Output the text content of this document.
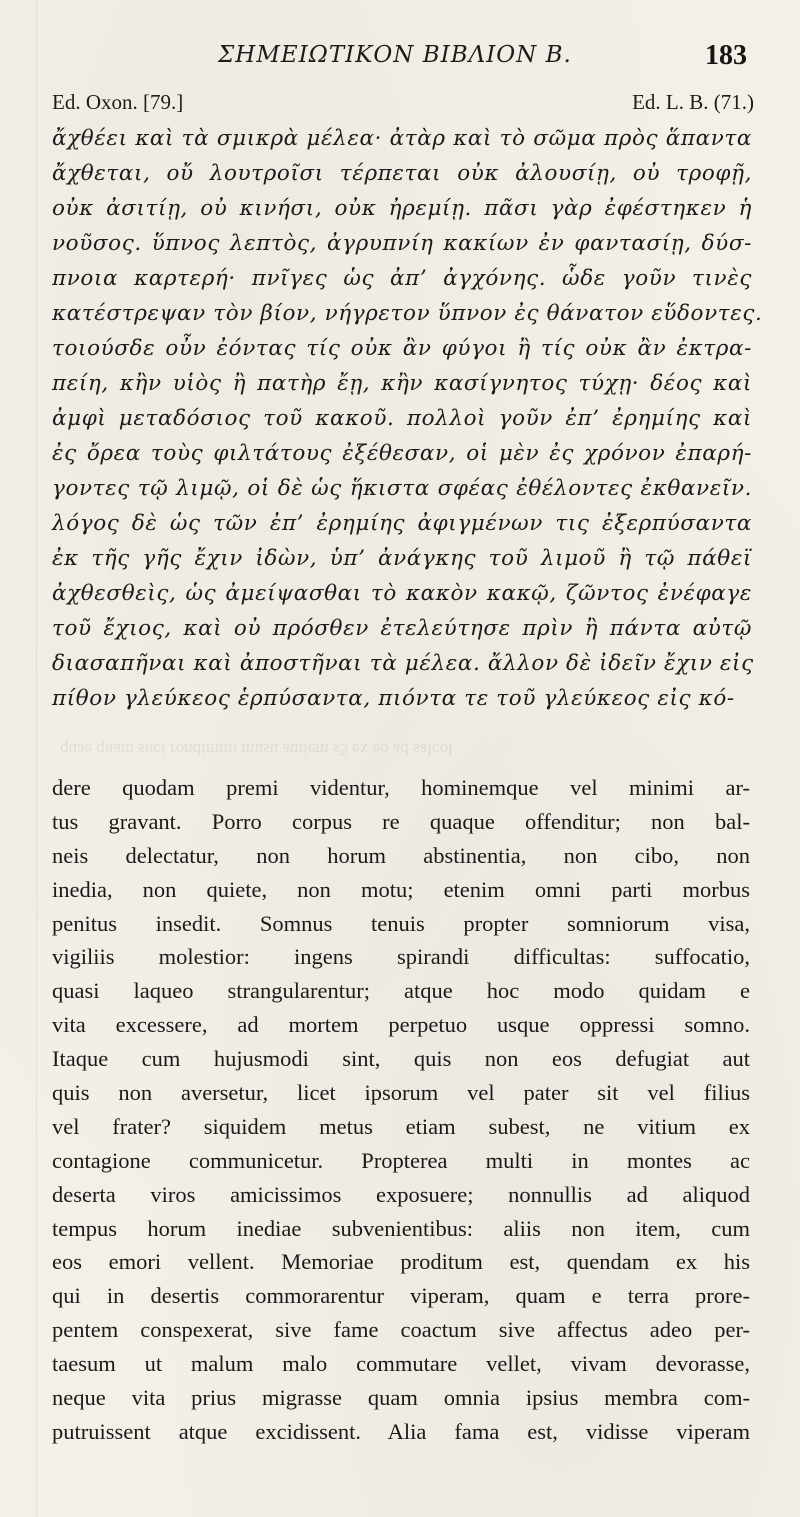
ΣΗΜΕΙΩΤΙΚΟΝ ΒΙΒΛΙΟΝ Β.	183
Ed. Oxon. [79.]	Ed. L. B. (71.)
ἄχθέει καὶ τὰ σμικρὰ μέλεα· ἀτὰρ καὶ τὸ σῶμα πρὸς ἅπαντα
ἄχθεται, οὔ λουτροῖσι τέρπεται οὐκ ἀλουσίῃ, οὐ τροφῇ,
οὐκ ἀσιτίῃ, οὐ κινήσι, οὐκ ἠρεμίῃ. πᾶσι γὰρ ἐφέστηκεν ἡ
νοῦσος. ὕπνος λεπτὸς, ἀγρυπνίη κακίων ἐν φαντασίῃ, δύσ-
πνοια καρτερή· πνῖγες ὡς ἀπ’ ἀγχόνης. ὧδε γοῦν τινὲς
κατέστρεψαν τὸν βίον, νήγρετον ὕπνον ἐς θάνατον εὕδοντες.
τοιούσδε οὖν ἐόντας τίς οὐκ ἂν φύγοι ἢ τίς οὐκ ἂν ἐκτρα-
πείη, κἢν υἱὸς ἢ πατὴρ ἔῃ, κἢν κασίγνητος τύχῃ· δέος καὶ
ἀμφὶ μεταδόσιος τοῦ κακοῦ. πολλοὶ γοῦν ἐπ’ ἐρημίης καὶ
ἐς ὄρεα τοὺς φιλτάτους ἐξέθεσαν, οἱ μὲν ἐς χρόνον ἐπαρή-
γοντες τῷ λιμῷ, οἱ δὲ ὡς ἥκιστα σφέας ἐθέλοντες ἐκθανεῖν.
λόγος δὲ ὡς τῶν ἐπ’ ἐρημίης ἀφιγμένων τις ἐξερπύσαντα
ἐκ τῆς γῆς ἔχιν ἰδὼν, ὑπ’ ἀνάγκης τοῦ λιμοῦ ἢ τῷ πάθεϊ
ἀχθεσθεὶς, ὡς ἀμείψασθαι τὸ κακὸν κακῷ, ζῶντος ἐνέφαγε
τοῦ ἔχιος, καὶ οὐ πρόσθεν ἐτελεύτησε πρὶν ἢ πάντα αὐτῷ
διασαπῆναι καὶ ἀποστῆναι τὰ μέλεα. ἄλλον δὲ ἰδεῖν ἔχιν εἰς
πίθον γλεύκεος ἑρπύσαντα, πιόντα τε τοῦ γλεύκεος εἰς κό-
quae quam suci rondimmi musu autiem s5 ex eo ad salcol
dere quodam premi videntur, hominemque vel minimi ar-
tus gravant. Porro corpus re quaque offenditur; non bal-
neis delectatur, non horum abstinentia, non cibo, non
inedia, non quiete, non motu; etenim omni parti morbus
penitus insedit. Somnus tenuis propter somniorum visa,
vigiliis molestior: ingens spirandi difficultas: suffocatio,
quasi laqueo strangularentur; atque hoc modo quidam e
vita excessere, ad mortem perpetuo usque oppressi somno.
Itaque cum hujusmodi sint, quis non eos defugiat aut
quis non aversetur, licet ipsorum vel pater sit vel filius
vel frater? siquidem metus etiam subest, ne vitium ex
contagione communicetur. Propterea multi in montes ac
deserta viros amicissimos exposuere; nonnullis ad aliquod
tempus horum inediae subvenientibus: aliis non item, cum
eos emori vellent. Memoriae proditum est, quendam ex his
qui in desertis commorarentur viperam, quam e terra prore-
pentem conspexerat, sive fame coactum sive affectus adeo per-
taesum ut malum malo commutare vellet, vivam devorasse,
neque vita prius migrasse quam omnia ipsius membra com-
putruissent atque excidissent. Alia fama est, vidisse viperam
